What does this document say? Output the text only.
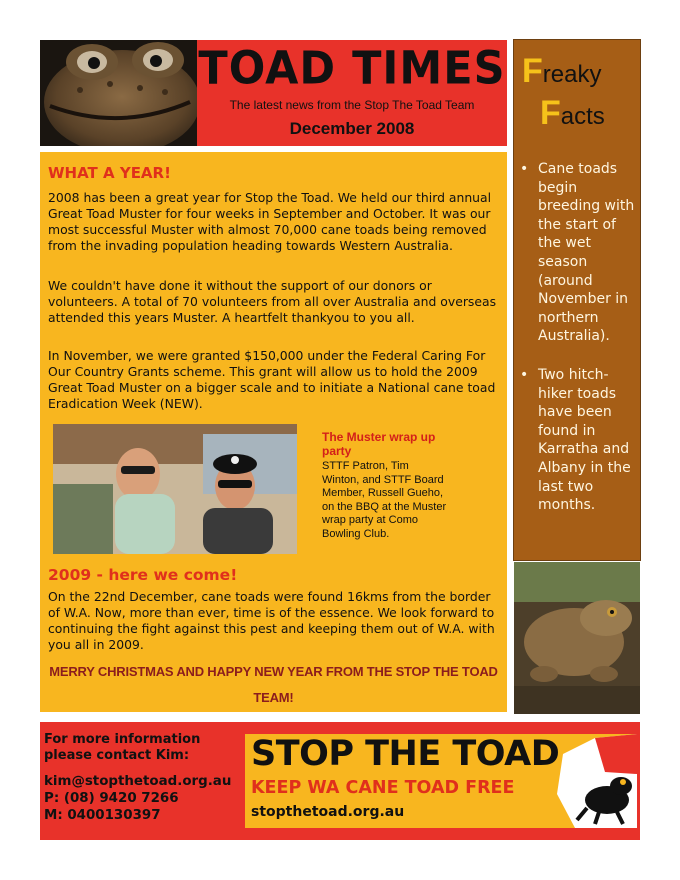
TOAD TIMES
The latest news from the Stop The Toad Team
December 2008
WHAT A YEAR!

2008 has been a great year for Stop the Toad. We held our third annual Great Toad Muster for four weeks in September and October. It was our most successful Muster with almost 70,000 cane toads being removed from the invading population heading towards Western Australia.

We couldn't have done it without the support of our donors or volunteers. A total of 70 volunteers from all over Australia and overseas attended this years Muster. A heartfelt thankyou to you all.

In November, we were granted $150,000 under the Federal Caring For Our Country Grants scheme. This grant will allow us to hold the 2009 Great Toad Muster on a bigger scale and to initiate a National cane toad Eradication Week (NEW).

The Muster wrap up party
STTF Patron, Tim Winton, and STTF Board Member, Russell Gueho, on the BBQ at the Muster wrap party at Como Bowling Club.
2009 - here we come!

On the 22nd December, cane toads were found 16kms from the border of W.A. Now, more than ever, time is of the essence. We look forward to continuing the fight against this pest and keeping them out of W.A. with you all in 2009.

MERRY CHRISTMAS AND HAPPY NEW YEAR FROM THE STOP THE TOAD TEAM!
Freaky
Facts
• Cane toads begin breeding with the start of the wet season (around November in northern Australia).
• Two hitch-hiker toads have been found in Karratha and Albany in the last two months.
For more information please contact Kim:
kim@stopthetoad.org.au
P: (08) 9420 7266
M: 0400130397
STOP THE TOAD
KEEP WA CANE TOAD FREE
stopthetoad.org.au
